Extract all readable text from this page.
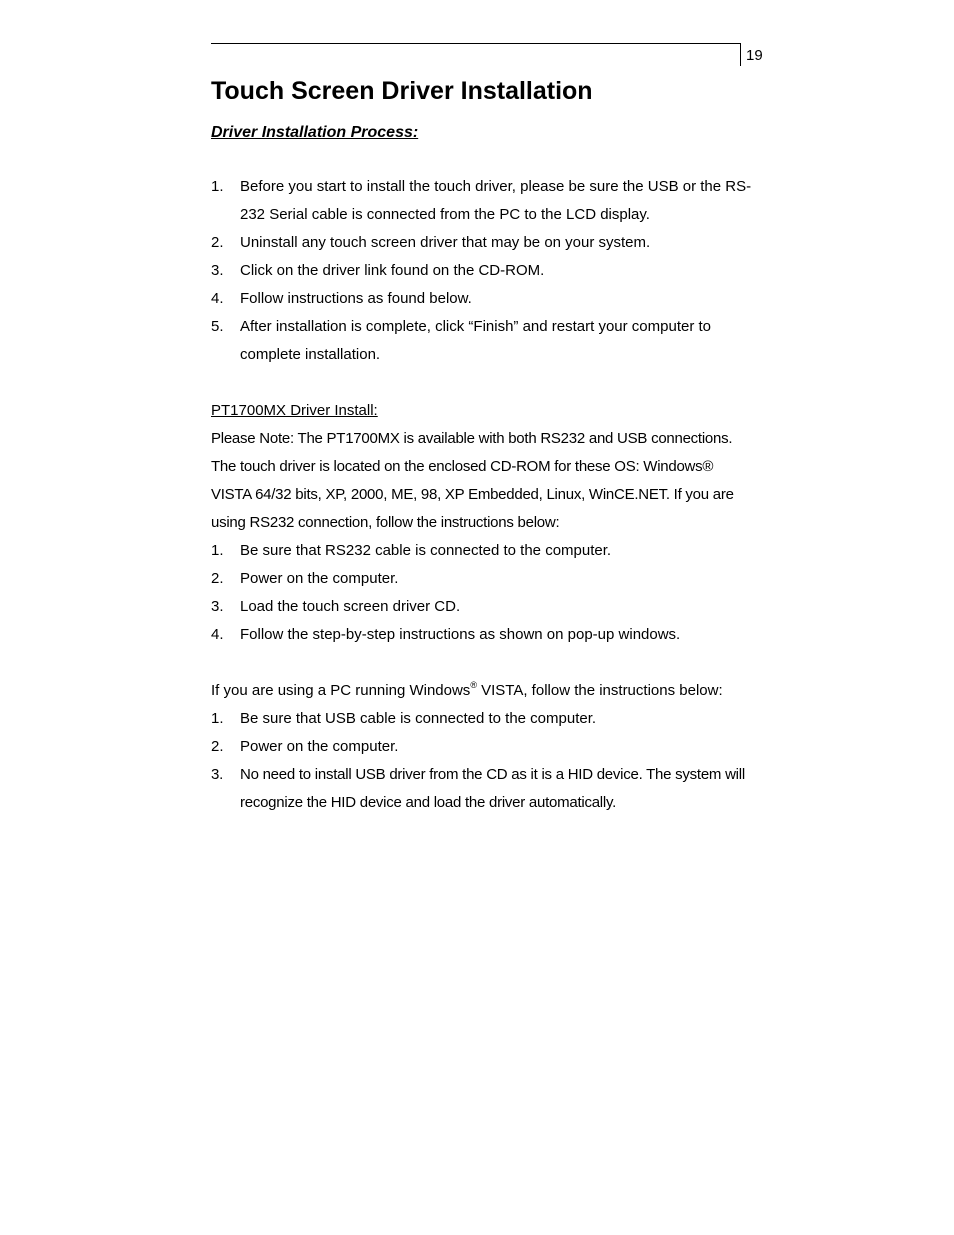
19
Touch Screen Driver Installation
Driver Installation Process:
1. Before you start to install the touch driver, please be sure the USB or the RS-232 Serial cable is connected from the PC to the LCD display.
2. Uninstall any touch screen driver that may be on your system.
3. Click on the driver link found on the CD-ROM.
4. Follow instructions as found below.
5. After installation is complete, click “Finish” and restart your computer to complete installation.

PT1700MX Driver Install:

Please Note: The PT1700MX is available with both RS232 and USB connections. The touch driver is located on the enclosed CD-ROM for these OS: Windows® VISTA 64/32 bits, XP, 2000, ME, 98, XP Embedded, Linux, WinCE.NET. If you are using RS232 connection, follow the instructions below:

1. Be sure that RS232 cable is connected to the computer.
2. Power on the computer.
3. Load the touch screen driver CD.
4. Follow the step-by-step instructions as shown on pop-up windows.

If you are using a PC running Windows® VISTA, follow the instructions below:

1. Be sure that USB cable is connected to the computer.
2. Power on the computer.
3. No need to install USB driver from the CD as it is a HID device. The system will recognize the HID device and load the driver automatically.
